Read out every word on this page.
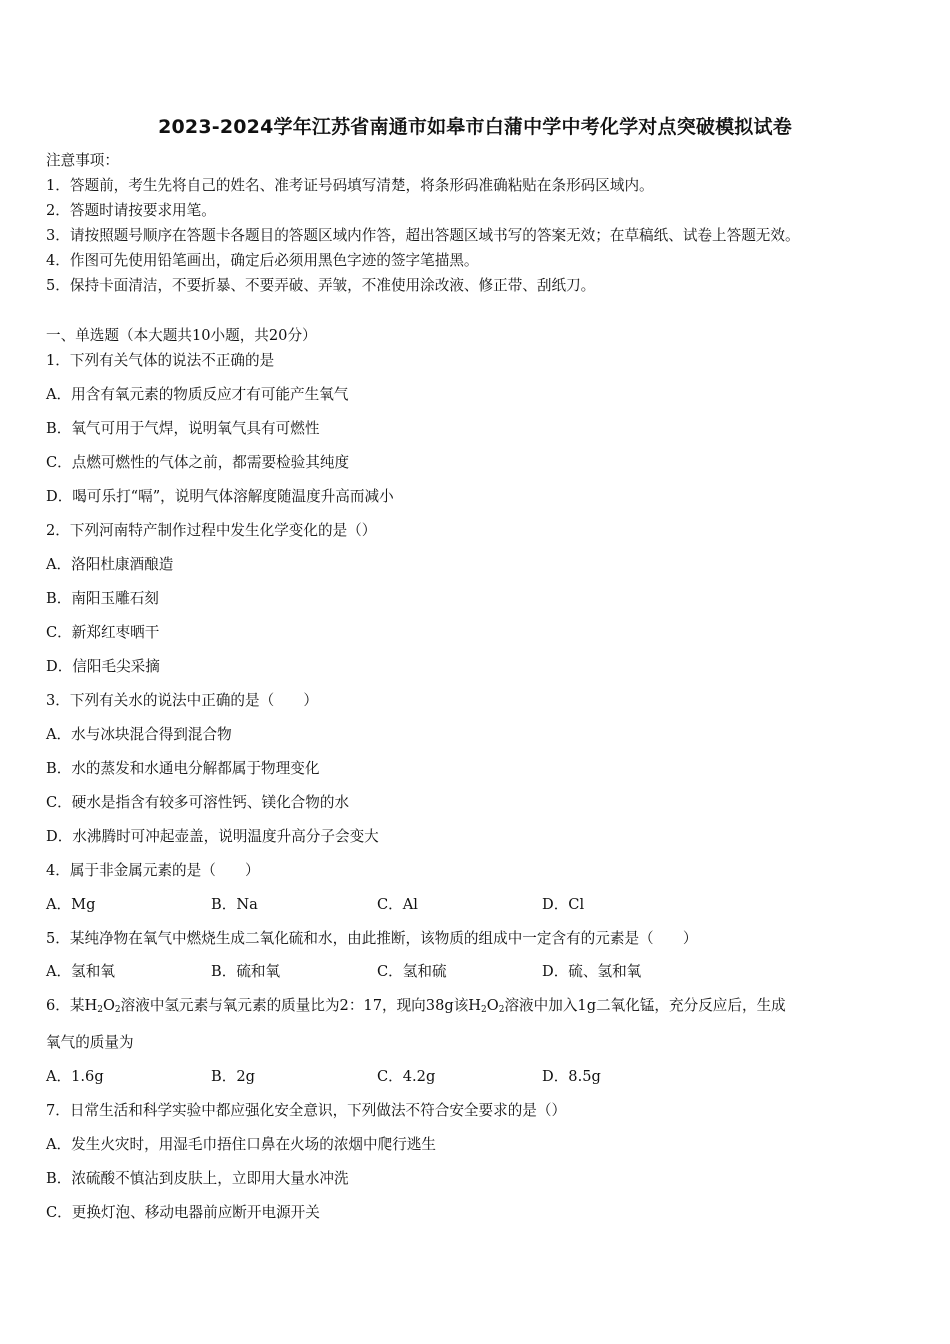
2023-2024学年江苏省南通市如皋市白蒲中学中考化学对点突破模拟试卷

注意事项：

1．答题前，考生先将自己的姓名、准考证号码填写清楚，将条形码准确粘贴在条形码区域内。

2．答题时请按要求用笔。

3．请按照题号顺序在答题卡各题目的答题区域内作答，超出答题区域书写的答案无效；在草稿纸、试卷上答题无效。

4．作图可先使用铅笔画出，确定后必须用黑色字迹的签字笔描黑。

5．保持卡面清洁，不要折暴、不要弄破、弄皱，不准使用涂改液、修正带、刮纸刀。

一、单选题（本大题共10小题，共20分）

1．下列有关气体的说法不正确的是

A．用含有氧元素的物质反应才有可能产生氧气

B．氧气可用于气焊，说明氧气具有可燃性

C．点燃可燃性的气体之前，都需要检验其纯度

D．喝可乐打“嗝”，说明气体溶解度随温度升高而减小

2．下列河南特产制作过程中发生化学变化的是（）

A．洛阳杜康酒酿造

B．南阳玉雕石刻

C．新郑红枣晒干

D．信阳毛尖采摘

3．下列有关水的说法中正确的是（　　）

A．水与冰块混合得到混合物

B．水的蒸发和水通电分解都属于物理变化

C．硬水是指含有较多可溶性钙、镁化合物的水

D．水沸腾时可冲起壶盖，说明温度升高分子会变大

4．属于非金属元素的是（　　）

A．Mg	B．Na	C．Al	D．Cl

5．某纯净物在氧气中燃烧生成二氧化硫和水，由此推断，该物质的组成中一定含有的元素是（　　）

A．氢和氧	B．硫和氧	C．氢和硫	D．硫、氢和氧

6．某$H_2O_2$溶液中氢元素与氧元素的质量比为2：17，现向38g该$H_2O_2$溶液中加入1g二氧化锰，充分反应后，生成

氧气的质量为

A．1.6g	B．2g	C．4.2g	D．8.5g

7．日常生活和科学实验中都应强化安全意识，下列做法不符合安全要求的是（）

A．发生火灾时，用湿毛巾捂住口鼻在火场的浓烟中爬行逃生

B．浓硫酸不慎沾到皮肤上，立即用大量水冲洗

C．更换灯泡、移动电器前应断开电源开关
